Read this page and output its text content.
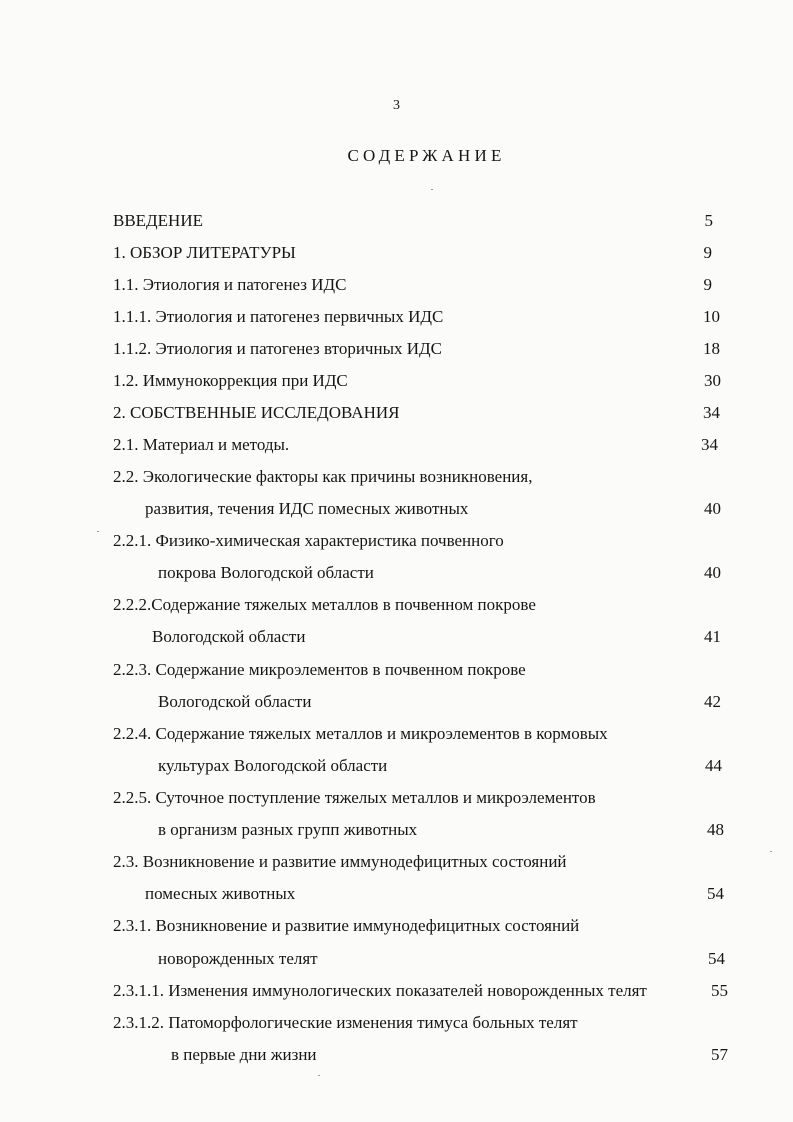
3
СОДЕРЖАНИЕ
ВВЕДЕНИЕ	5
1. ОБЗОР ЛИТЕРАТУРЫ	9
1.1. Этиология и патогенез ИДС	9
1.1.1. Этиология и патогенез первичных ИДС	10
1.1.2. Этиология и патогенез вторичных ИДС	18
1.2. Иммунокоррекция при ИДС	30
2. СОБСТВЕННЫЕ ИССЛЕДОВАНИЯ	34
2.1. Материал и методы.	34
2.2. Экологические факторы как причины возникновения,
развития, течения ИДС помесных животных	40
2.2.1. Физико-химическая характеристика почвенного
покрова Вологодской области	40
2.2.2.Содержание тяжелых металлов в почвенном покрове
Вологодской области	41
2.2.3. Содержание микроэлементов в почвенном покрове
Вологодской области	42
2.2.4. Содержание тяжелых металлов и микроэлементов в кормовых
культурах Вологодской области	44
2.2.5. Суточное поступление тяжелых металлов и микроэлементов
в организм разных групп животных	48
2.3. Возникновение и развитие иммунодефицитных состояний
помесных животных	54
2.3.1. Возникновение и развитие иммунодефицитных состояний
новорожденных телят	54
2.3.1.1. Изменения иммунологических показателей новорожденных телят	55
2.3.1.2. Патоморфологические изменения тимуса больных телят
в первые дни жизни	57
